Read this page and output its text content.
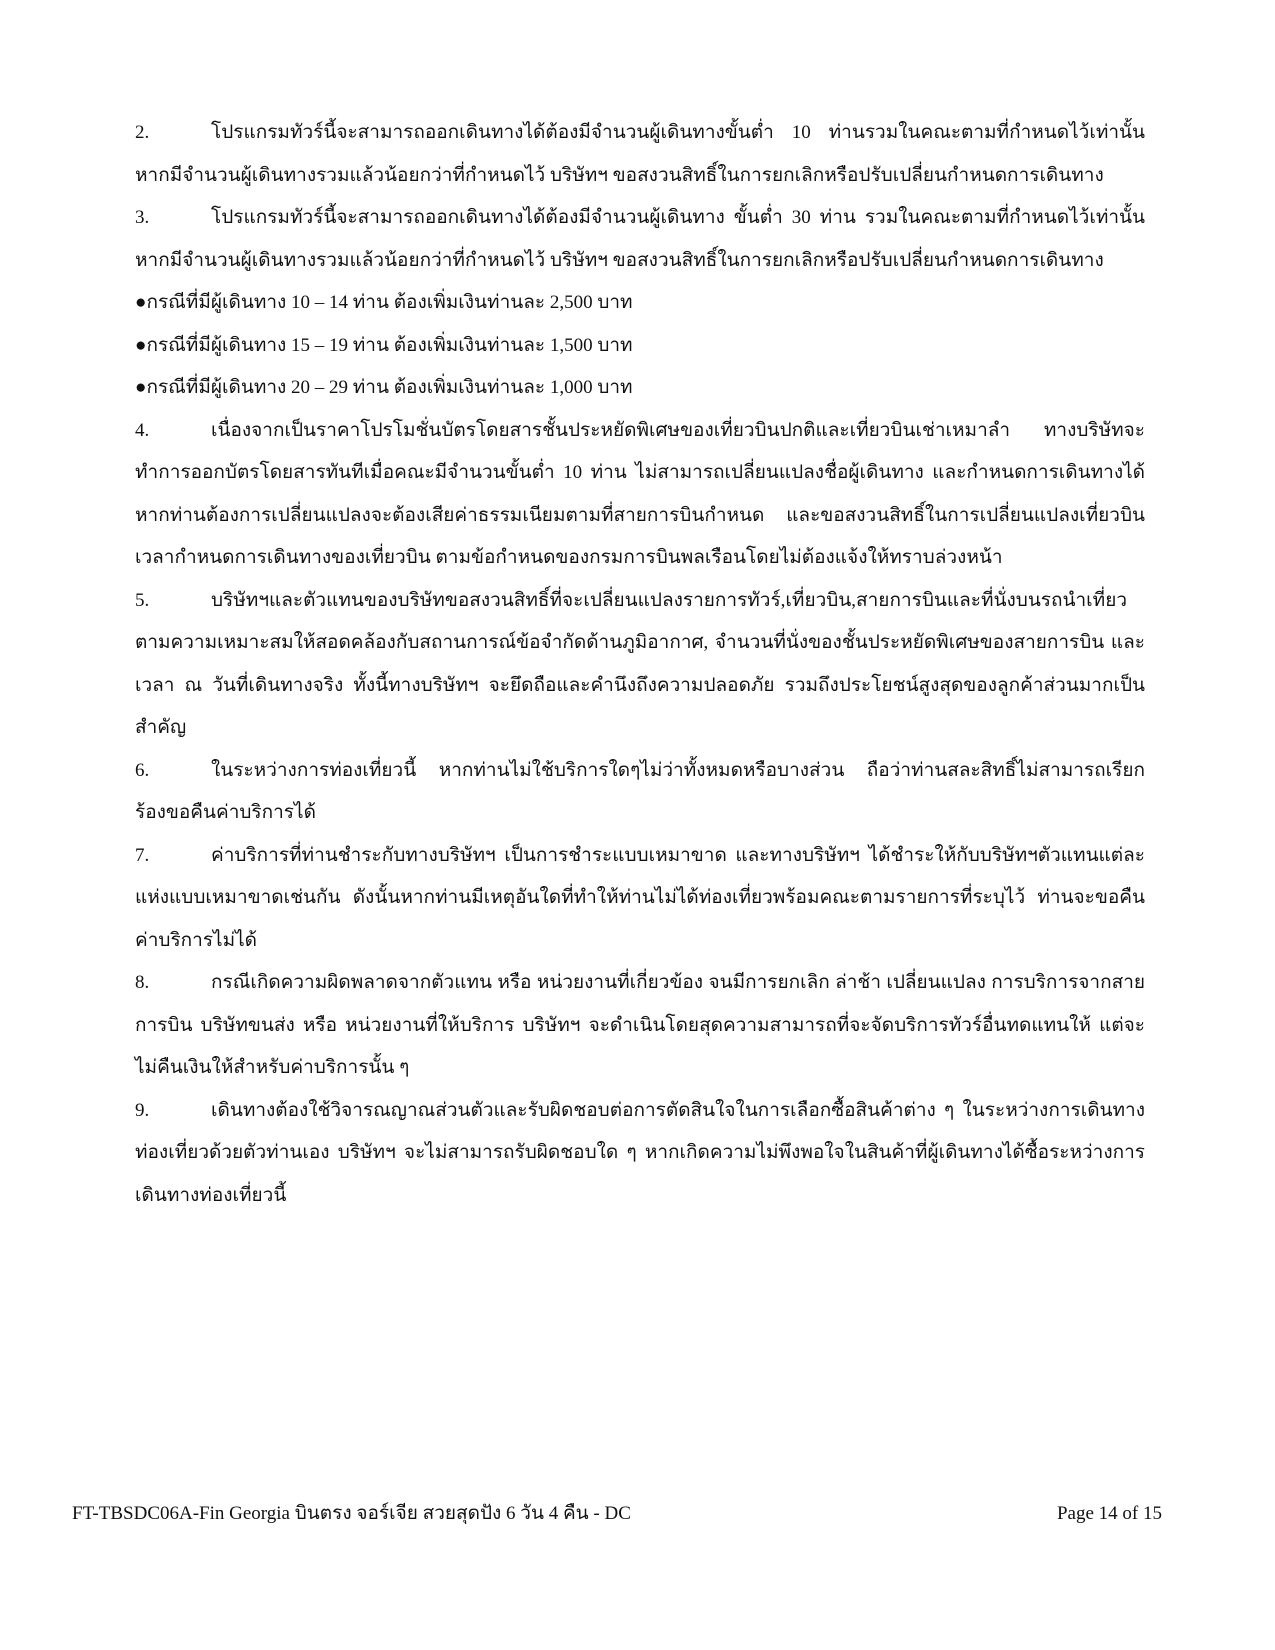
2.	โปรแกรมทัวร์นี้จะสามารถออกเดินทางได้ต้องมีจำนวนผู้เดินทางขั้นต่ำ 10 ท่านรวมในคณะตามที่กำหนดไว้เท่านั้น หากมีจำนวนผู้เดินทางรวมแล้วน้อยกว่าที่กำหนดไว้ บริษัทฯ ขอสงวนสิทธิ์ในการยกเลิกหรือปรับเปลี่ยนกำหนดการเดินทาง

3.	โปรแกรมทัวร์นี้จะสามารถออกเดินทางได้ต้องมีจำนวนผู้เดินทาง ขั้นต่ำ 30 ท่าน รวมในคณะตามที่กำหนดไว้เท่านั้น หากมีจำนวนผู้เดินทางรวมแล้วน้อยกว่าที่กำหนดไว้ บริษัทฯ ขอสงวนสิทธิ์ในการยกเลิกหรือปรับเปลี่ยนกำหนดการเดินทาง

●กรณีที่มีผู้เดินทาง 10 – 14 ท่าน ต้องเพิ่มเงินท่านละ 2,500 บาท

●กรณีที่มีผู้เดินทาง 15 – 19 ท่าน ต้องเพิ่มเงินท่านละ 1,500 บาท

●กรณีที่มีผู้เดินทาง 20 – 29 ท่าน ต้องเพิ่มเงินท่านละ 1,000 บาท

4.	เนื่องจากเป็นราคาโปรโมชั่นบัตรโดยสารชั้นประหยัดพิเศษของเที่ยวบินปกติและเที่ยวบินเช่าเหมาลำ ทางบริษัทจะทำการออกบัตรโดยสารทันทีเมื่อคณะมีจำนวนขั้นต่ำ 10 ท่าน ไม่สามารถเปลี่ยนแปลงชื่อผู้เดินทาง และกำหนดการเดินทางได้ หากท่านต้องการเปลี่ยนแปลงจะต้องเสียค่าธรรมเนียมตามที่สายการบินกำหนด และขอสงวนสิทธิ์ในการเปลี่ยนแปลงเที่ยวบิน เวลากำหนดการเดินทางของเที่ยวบิน ตามข้อกำหนดของกรมการบินพลเรือนโดยไม่ต้องแจ้งให้ทราบล่วงหน้า

5.	บริษัทฯและตัวแทนของบริษัทขอสงวนสิทธิ์ที่จะเปลี่ยนแปลงรายการทัวร์,เที่ยวบิน,สายการบินและที่นั่งบนรถนำเที่ยวตามความเหมาะสมให้สอดคล้องกับสถานการณ์ข้อจำกัดด้านภูมิอากาศ, จำนวนที่นั่งของชั้นประหยัดพิเศษของสายการบิน และเวลา ณ วันที่เดินทางจริง ทั้งนี้ทางบริษัทฯ จะยึดถือและคำนึงถึงความปลอดภัย รวมถึงประโยชน์สูงสุดของลูกค้าส่วนมากเป็นสำคัญ

6.	ในระหว่างการท่องเที่ยวนี้ หากท่านไม่ใช้บริการใดๆไม่ว่าทั้งหมดหรือบางส่วน ถือว่าท่านสละสิทธิ์ไม่สามารถเรียกร้องขอคืนค่าบริการได้

7.	ค่าบริการที่ท่านชำระกับทางบริษัทฯ เป็นการชำระแบบเหมาขาด และทางบริษัทฯ ได้ชำระให้กับบริษัทฯตัวแทนแต่ละแห่งแบบเหมาขาดเช่นกัน ดังนั้นหากท่านมีเหตุอันใดที่ทำให้ท่านไม่ได้ท่องเที่ยวพร้อมคณะตามรายการที่ระบุไว้ ท่านจะขอคืนค่าบริการไม่ได้

8.	กรณีเกิดความผิดพลาดจากตัวแทน หรือ หน่วยงานที่เกี่ยวข้อง จนมีการยกเลิก ล่าช้า เปลี่ยนแปลง การบริการจากสายการบิน บริษัทขนส่ง หรือ หน่วยงานที่ให้บริการ บริษัทฯ จะดำเนินโดยสุดความสามารถที่จะจัดบริการทัวร์อื่นทดแทนให้ แต่จะไม่คืนเงินให้สำหรับค่าบริการนั้น ๆ

9.	เดินทางต้องใช้วิจารณญาณส่วนตัวและรับผิดชอบต่อการตัดสินใจในการเลือกซื้อสินค้าต่าง ๆ ในระหว่างการเดินทางท่องเที่ยวด้วยตัวท่านเอง บริษัทฯ จะไม่สามารถรับผิดชอบใด ๆ หากเกิดความไม่พึงพอใจในสินค้าที่ผู้เดินทางได้ซื้อระหว่างการเดินทางท่องเที่ยวนี้

FT-TBSDC06A-Fin Georgia บินตรง จอร์เจีย สวยสุดปัง 6 วัน 4 คืน - DC	Page 14 of 15
